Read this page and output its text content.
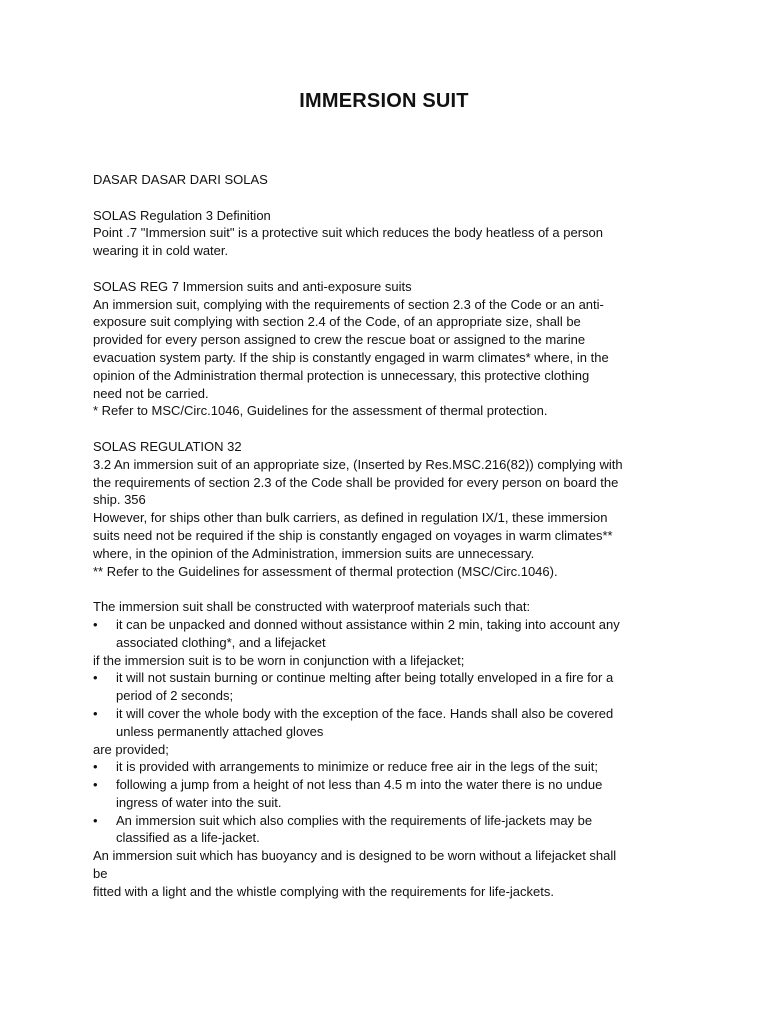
IMMERSION SUIT
DASAR DASAR DARI SOLAS
SOLAS Regulation 3 Definition
Point .7 "Immersion suit" is a protective suit which reduces the body heatless of a person
wearing it in cold water.
SOLAS REG 7 Immersion suits and anti-exposure suits
An immersion suit, complying with the requirements of section 2.3 of the Code or an anti-
exposure suit complying with section 2.4 of the Code, of an appropriate size, shall be
provided for every person assigned to crew the rescue boat or assigned to the marine
evacuation system party. If the ship is constantly engaged in warm climates* where, in the
opinion of the Administration thermal protection is unnecessary, this protective clothing
need not be carried.
* Refer to MSC/Circ.1046, Guidelines for the assessment of thermal protection.
SOLAS REGULATION 32
3.2 An immersion suit of an appropriate size, (Inserted by Res.MSC.216(82)) complying with
the requirements of section 2.3 of the Code shall be provided for every person on board the
ship. 356
However, for ships other than bulk carriers, as defined in regulation IX/1, these immersion
suits need not be required if the ship is constantly engaged on voyages in warm climates**
where, in the opinion of the Administration, immersion suits are unnecessary.
** Refer to the Guidelines for assessment of thermal protection (MSC/Circ.1046).
The immersion suit shall be constructed with waterproof materials such that:
•	it can be unpacked and donned without assistance within 2 min, taking into account any
associated clothing*, and a lifejacket
if the immersion suit is to be worn in conjunction with a lifejacket;
•	it will not sustain burning or continue melting after being totally enveloped in a fire for a
period of 2 seconds;
•	it will cover the whole body with the exception of the face. Hands shall also be covered
unless permanently attached gloves
are provided;
•	it is provided with arrangements to minimize or reduce free air in the legs of the suit;
•	following a jump from a height of not less than 4.5 m into the water there is no undue
ingress of water into the suit.
•	An immersion suit which also complies with the requirements of life-jackets may be
classified as a life-jacket.
An immersion suit which has buoyancy and is designed to be worn without a lifejacket shall
be
fitted with a light and the whistle complying with the requirements for life-jackets.
